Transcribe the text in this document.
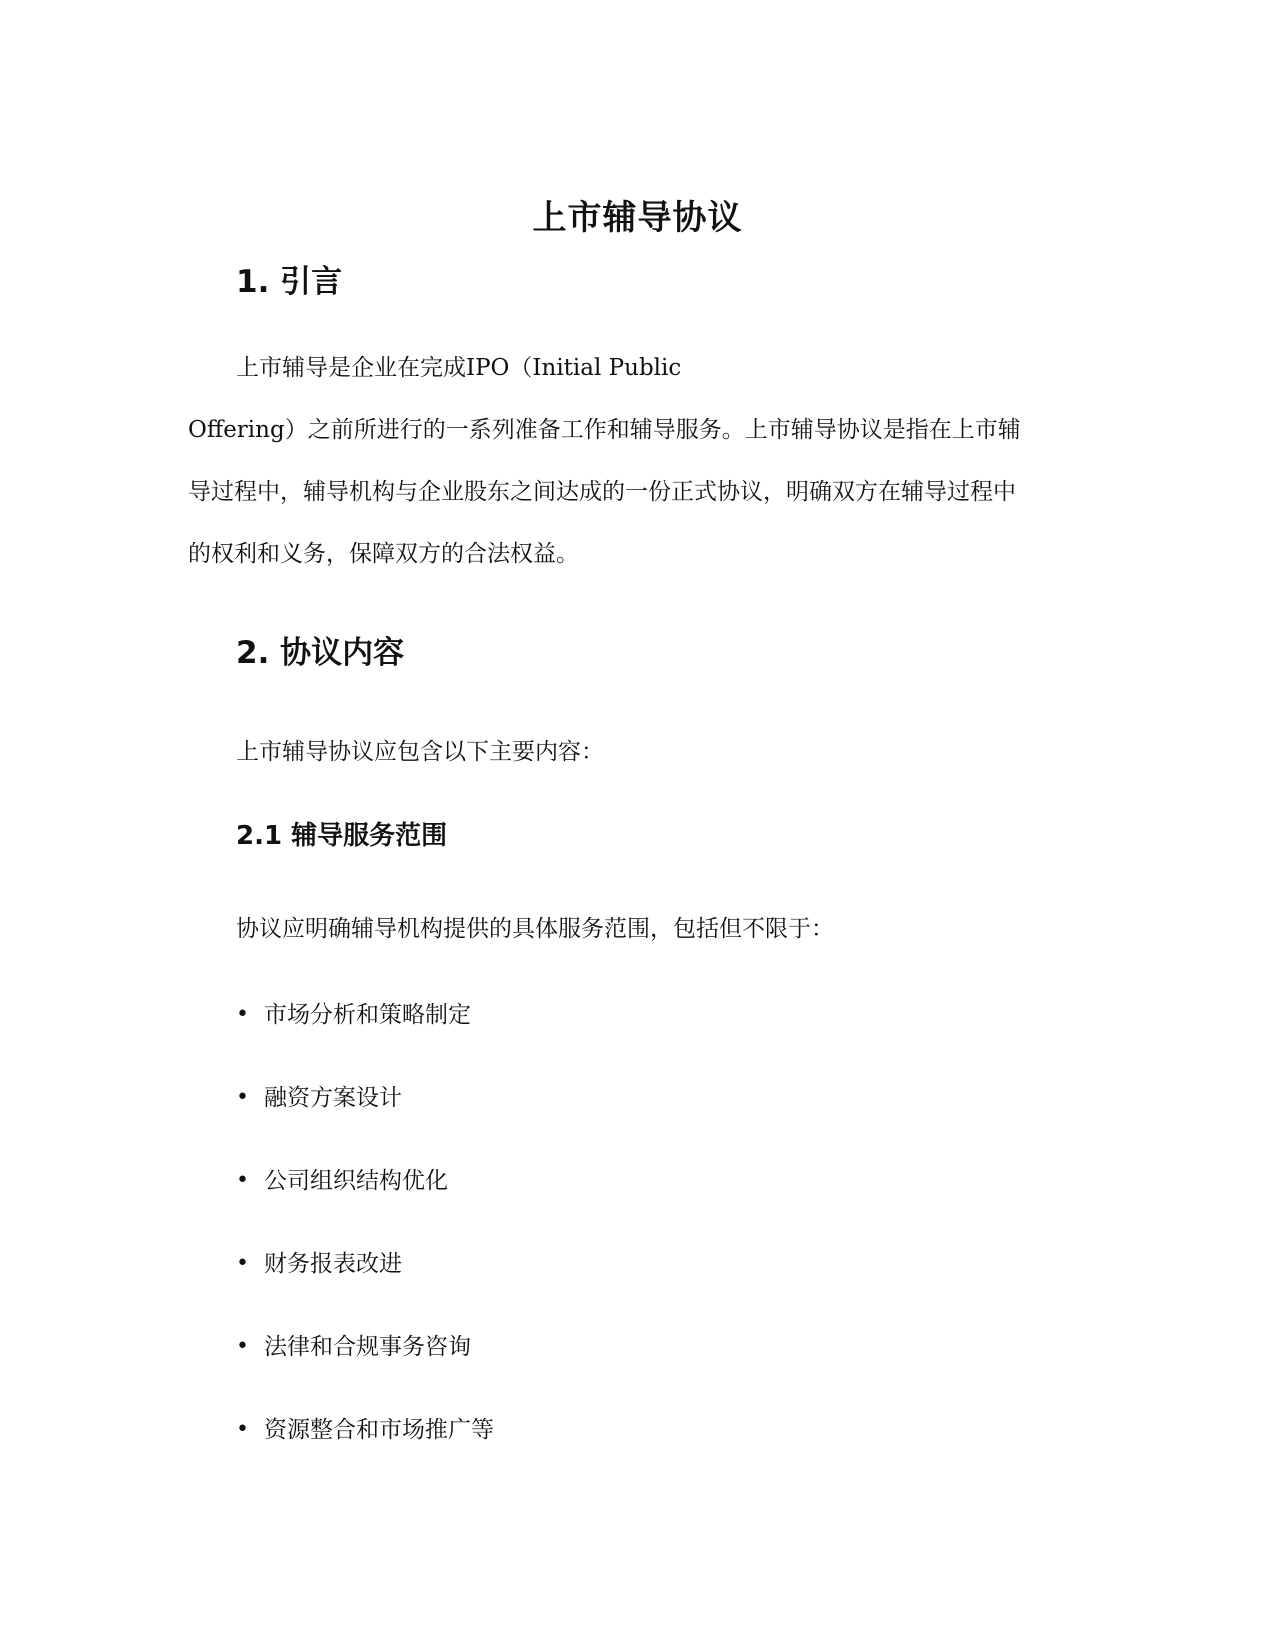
上市辅导协议
1. 引言
上市辅导是企业在完成IPO（Initial Public
Offering）之前所进行的一系列准备工作和辅导服务。上市辅导协议是指在上市辅
导过程中，辅导机构与企业股东之间达成的一份正式协议，明确双方在辅导过程中
的权利和义务，保障双方的合法权益。
2. 协议内容

上市辅导协议应包含以下主要内容：

2.1 辅导服务范围

协议应明确辅导机构提供的具体服务范围，包括但不限于：

• 市场分析和策略制定
• 融资方案设计
• 公司组织结构优化
• 财务报表改进
• 法律和合规事务咨询
• 资源整合和市场推广等
